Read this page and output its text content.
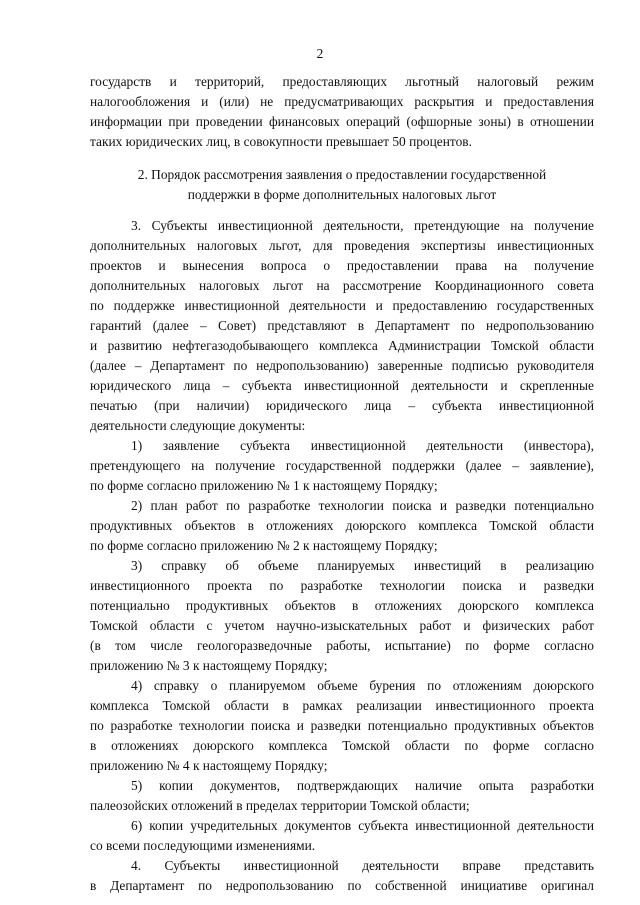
2
государств и территорий, предоставляющих льготный налоговый режим
налогообложения и (или) не предусматривающих раскрытия и предоставления
информации при проведении финансовых операций (офшорные зоны) в отношении
таких юридических лиц, в совокупности превышает 50 процентов.
2. Порядок рассмотрения заявления о предоставлении государственной
поддержки в форме дополнительных налоговых льгот
3. Субъекты инвестиционной деятельности, претендующие на получение
дополнительных налоговых льгот, для проведения экспертизы инвестиционных
проектов и вынесения вопроса о предоставлении права на получение
дополнительных налоговых льгот на рассмотрение Координационного совета
по поддержке инвестиционной деятельности и предоставлению государственных
гарантий (далее – Совет) представляют в Департамент по недропользованию
и развитию нефтегазодобывающего комплекса Администрации Томской области
(далее – Департамент по недропользованию) заверенные подписью руководителя
юридического лица – субъекта инвестиционной деятельности и скрепленные
печатью (при наличии) юридического лица – субъекта инвестиционной
деятельности следующие документы:
1) заявление субъекта инвестиционной деятельности (инвестора),
претендующего на получение государственной поддержки (далее – заявление),
по форме согласно приложению № 1 к настоящему Порядку;
2) план работ по разработке технологии поиска и разведки потенциально
продуктивных объектов в отложениях доюрского комплекса Томской области
по форме согласно приложению № 2 к настоящему Порядку;
3) справку об объеме планируемых инвестиций в реализацию
инвестиционного проекта по разработке технологии поиска и разведки
потенциально продуктивных объектов в отложениях доюрского комплекса
Томской области с учетом научно-изыскательных работ и физических работ
(в том числе геологоразведочные работы, испытание) по форме согласно
приложению № 3 к настоящему Порядку;
4) справку о планируемом объеме бурения по отложениям доюрского
комплекса Томской области в рамках реализации инвестиционного проекта
по разработке технологии поиска и разведки потенциально продуктивных объектов
в отложениях доюрского комплекса Томской области по форме согласно
приложению № 4 к настоящему Порядку;
5) копии документов, подтверждающих наличие опыта разработки
палеозойских отложений в пределах территории Томской области;
6) копии учредительных документов субъекта инвестиционной деятельности
со всеми последующими изменениями.
4. Субъекты инвестиционной деятельности вправе представить
в Департамент по недропользованию по собственной инициативе оригинал
